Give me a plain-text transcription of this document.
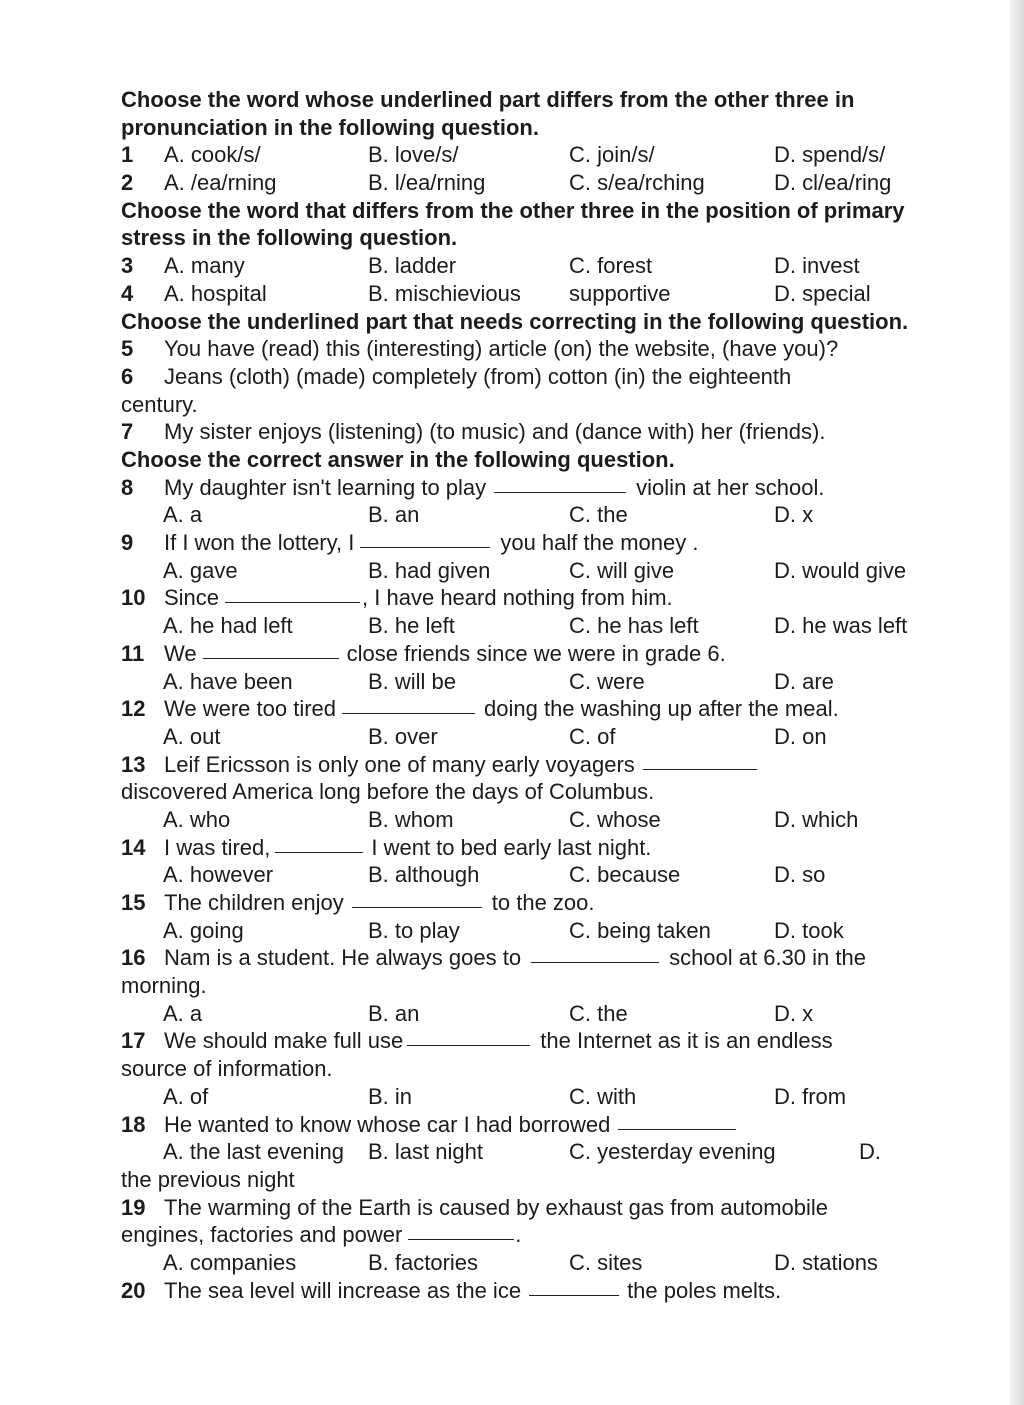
Choose the word whose underlined part differs from the other three in pronunciation in the following question.
1	A. cook/s/	B. love/s/	C. join/s/	D. spend/s/
2	A. /ea/rning	B. l/ea/rning	C. s/ea/rching	D. cl/ea/ring
Choose the word that differs from the other three in the position of primary stress in the following question.
3	A. many	B. ladder	C. forest	D. invest
4	A. hospital	B. mischievious	supportive	D. special
Choose the underlined part that needs correcting in the following question.
5	You have (read) this (interesting) article (on) the website, (have you)?
6	Jeans (cloth) (made) completely (from) cotton (in) the eighteenth
century.
7	My sister enjoys (listening) (to music) and (dance with) her (friends).
Choose the correct answer in the following question.
8	My daughter isn't learning to play	violin at her school.
A. a	B. an	C. the	D. x
9	If I won the lottery, I	you half the money .
A. gave	B. had given	C. will give	D. would give
10 Since	, I have heard nothing from him.
A. he had left	B. he left	C. he has left	D. he was left
11 We	close friends since we were in grade 6.
A. have been	B. will be	C. were	D. are
12 We were too tired	doing the washing up after the meal.
A. out	B. over	C. of	D. on
13 Leif Ericsson is only one of many early voyagers
discovered America long before the days of Columbus.
A. who	B. whom	C. whose	D. which
14 I was tired,	I went to bed early last night.
A. however	B. although	C. because	D. so
15 The children enjoy	to the zoo.
A. going	B. to play	C. being taken	D. took
16 Nam is a student. He always goes to	school at 6.30 in the
morning.
A. a	B. an	C. the	D. x
17 We should make full use	the Internet as it is an endless
source of information.
A. of	B. in	C. with	D. from
18 He wanted to know whose car I had borrowed
A. the last evening	B. last night	C. yesterday evening	D.
the previous night
19 The warming of the Earth is caused by exhaust gas from automobile
engines, factories and power	.
A. companies	B. factories	C. sites	D. stations
20 The sea level will increase as the ice	the poles melts.
